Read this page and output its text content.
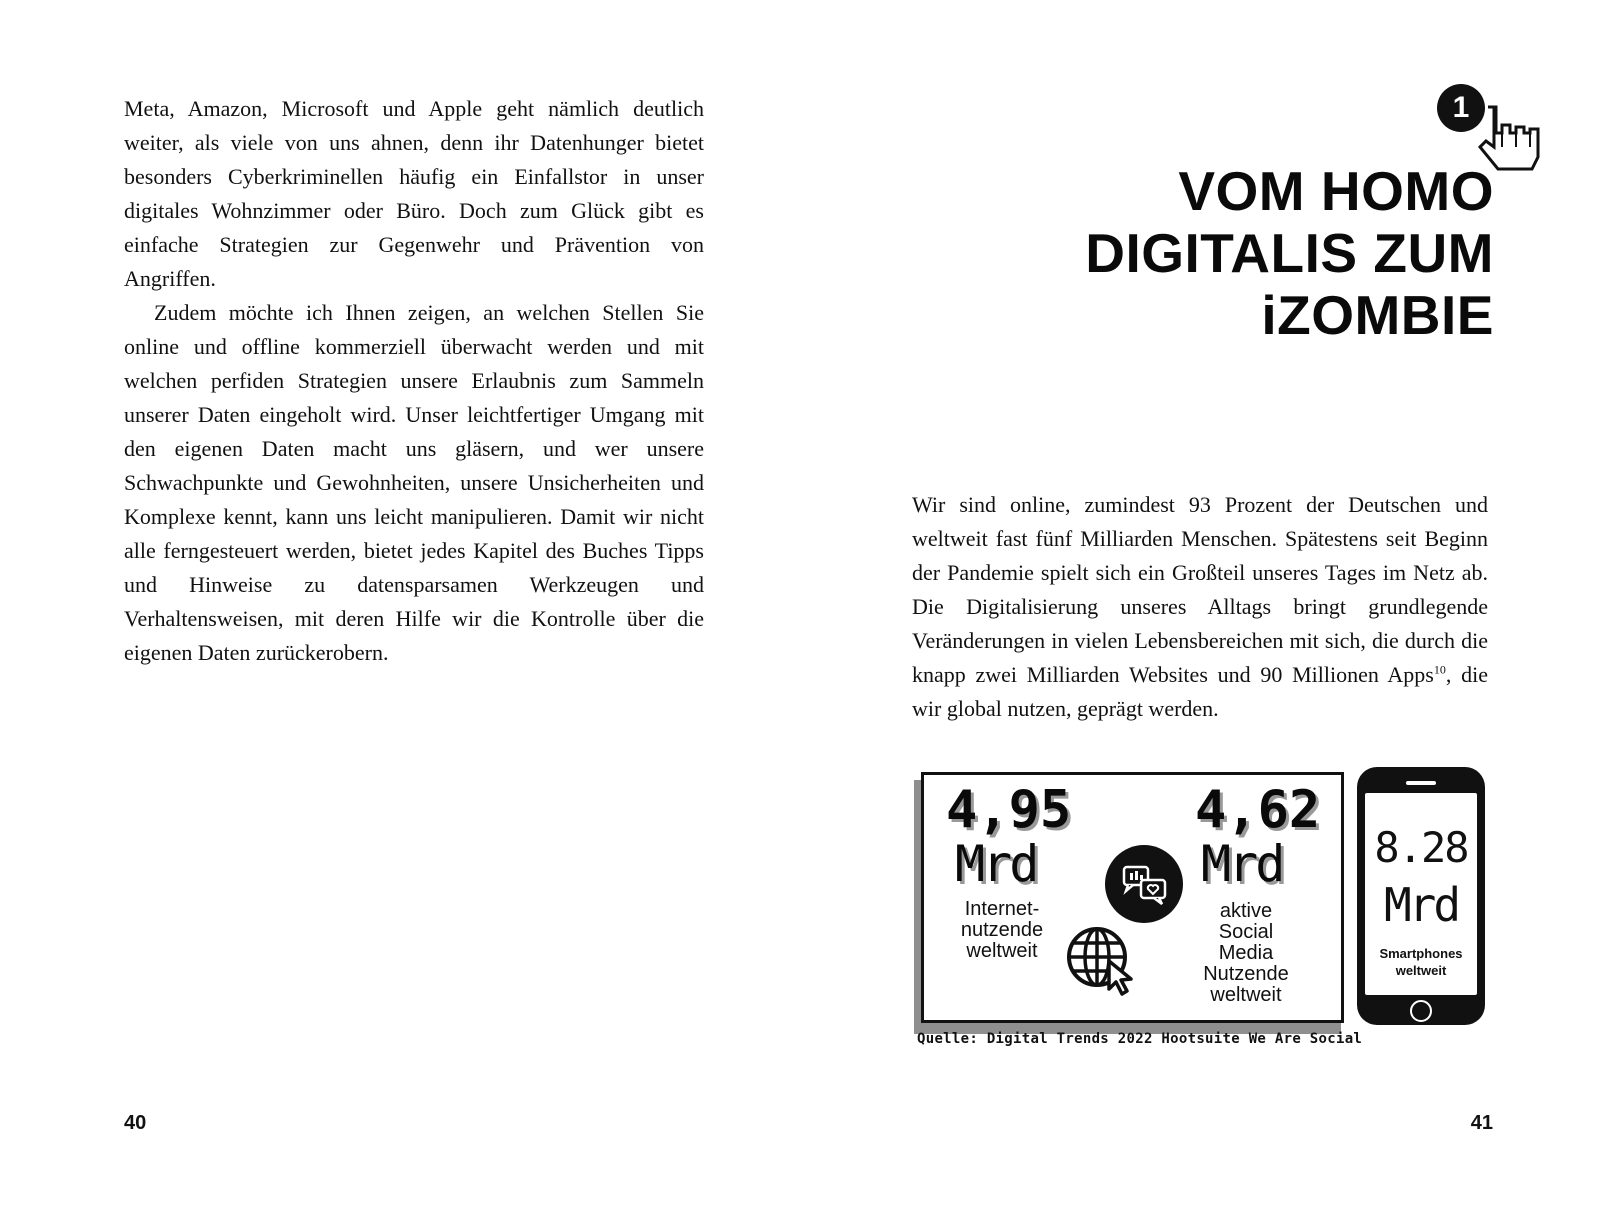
Meta, Amazon, Microsoft und Apple geht nämlich deutlich weiter, als viele von uns ahnen, denn ihr Datenhunger bietet besonders Cyberkriminellen häufig ein Einfallstor in unser digitales Wohnzimmer oder Büro. Doch zum Glück gibt es einfache Strategien zur Gegenwehr und Prävention von Angriffen.

Zudem möchte ich Ihnen zeigen, an welchen Stellen Sie online und offline kommerziell überwacht werden und mit welchen perfiden Strategien unsere Erlaubnis zum Sammeln unserer Daten eingeholt wird. Unser leichtfertiger Umgang mit den eigenen Daten macht uns gläsern, und wer unsere Schwachpunkte und Gewohnheiten, unsere Unsicherheiten und Komplexe kennt, kann uns leicht manipulieren. Damit wir nicht alle ferngesteuert werden, bietet jedes Kapitel des Buches Tipps und Hinweise zu datensparsamen Werkzeugen und Verhaltensweisen, mit deren Hilfe wir die Kontrolle über die eigenen Daten zurückerobern.

40
1
VOM HOMO
DIGITALIS ZUM
iZOMBIE

Wir sind online, zumindest 93 Prozent der Deutschen und weltweit fast fünf Milliarden Menschen. Spätestens seit Beginn der Pandemie spielt sich ein Großteil unseres Tages im Netz ab. Die Digitalisierung unseres Alltags bringt grundlegende Veränderungen in vielen Lebensbereichen mit sich, die durch die knapp zwei Milliarden Websites und 90 Millionen Apps$^{10}$, die wir global nutzen, geprägt werden.

4,95
Mrd
Internet-
nutzende
weltweit
4,62
Mrd
aktive
Social
Media
Nutzende
weltweit
Quelle: Digital Trends 2022 Hootsuite We Are Social
8.28
Mrd
Smartphones
weltweit
41
